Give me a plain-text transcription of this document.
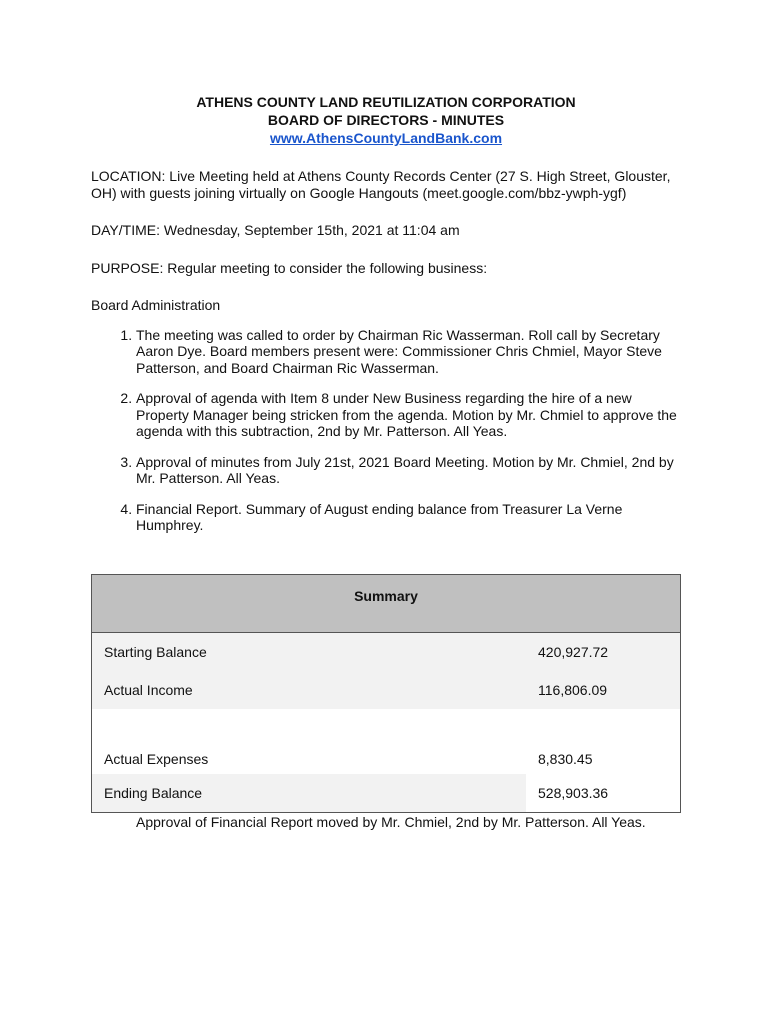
ATHENS COUNTY LAND REUTILIZATION CORPORATION
BOARD OF DIRECTORS - MINUTES
www.AthensCountyLandBank.com

LOCATION: Live Meeting held at Athens County Records Center (27 S. High Street, Glouster, OH) with guests joining virtually on Google Hangouts (meet.google.com/bbz-ywph-ygf)

DAY/TIME: Wednesday, September 15th, 2021 at 11:04 am

PURPOSE: Regular meeting to consider the following business:

Board Administration

1. The meeting was called to order by Chairman Ric Wasserman. Roll call by Secretary Aaron Dye. Board members present were: Commissioner Chris Chmiel, Mayor Steve Patterson, and Board Chairman Ric Wasserman.
2. Approval of agenda with Item 8 under New Business regarding the hire of a new Property Manager being stricken from the agenda. Motion by Mr. Chmiel to approve the agenda with this subtraction, 2nd by Mr. Patterson. All Yeas.
3. Approval of minutes from July 21st, 2021 Board Meeting. Motion by Mr. Chmiel, 2nd by Mr. Patterson. All Yeas.
4. Financial Report. Summary of August ending balance from Treasurer La Verne Humphrey.
Summary	
Starting Balance	420,927.72
Actual Income	116,806.09
Actual Expenses	8,830.45
Ending Balance	528,903.36

Approval of Financial Report moved by Mr. Chmiel, 2nd by Mr. Patterson. All Yeas.
